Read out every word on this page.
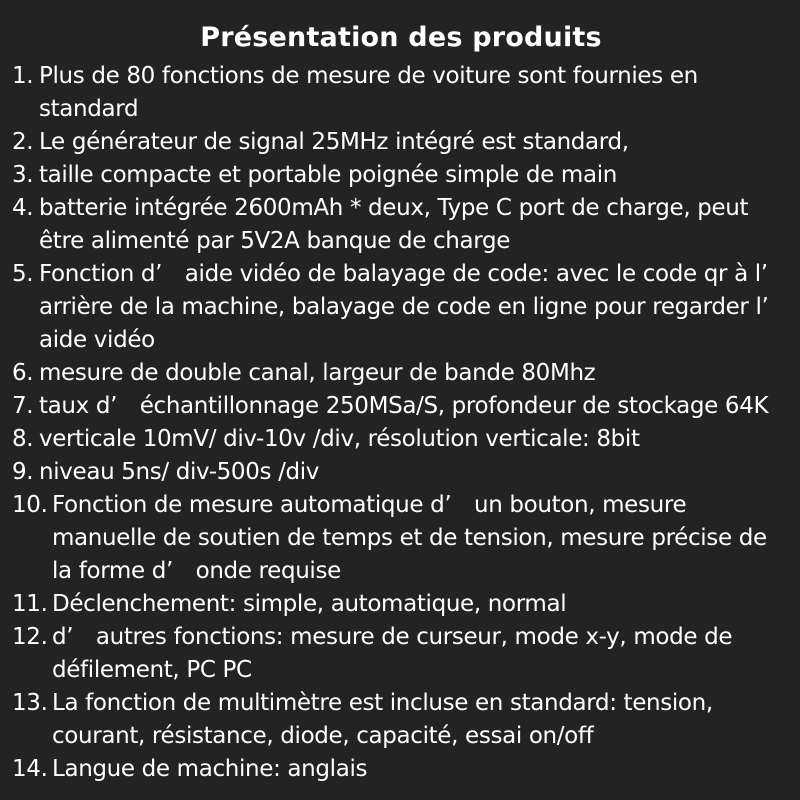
Présentation des produits
1. Plus de 80 fonctions de mesure de voiture sont fournies en standard
2. Le générateur de signal 25MHz intégré est standard,
3. taille compacte et portable poignée simple de main
4. batterie intégrée 2600mAh * deux, Type C port de charge, peut être alimenté par 5V2A banque de charge
5. Fonction d’　aide vidéo de balayage de code: avec le code qr à l’　arrière de la machine, balayage de code en ligne pour regarder l’　aide vidéo
6. mesure de double canal, largeur de bande 80Mhz
7. taux d’　échantillonnage 250MSa/S, profondeur de stockage 64K
8. verticale 10mV/ div-10v /div, résolution verticale: 8bit
9. niveau 5ns/ div-500s /div
10. Fonction de mesure automatique d’　un bouton, mesure manuelle de soutien de temps et de tension, mesure précise de la forme d’　onde requise
11. Déclenchement: simple, automatique, normal
12. d’　autres fonctions: mesure de curseur, mode x-y, mode de défilement, PC PC
13. La fonction de multimètre est incluse en standard: tension, courant, résistance, diode, capacité, essai on/off
14. Langue de machine: anglais
